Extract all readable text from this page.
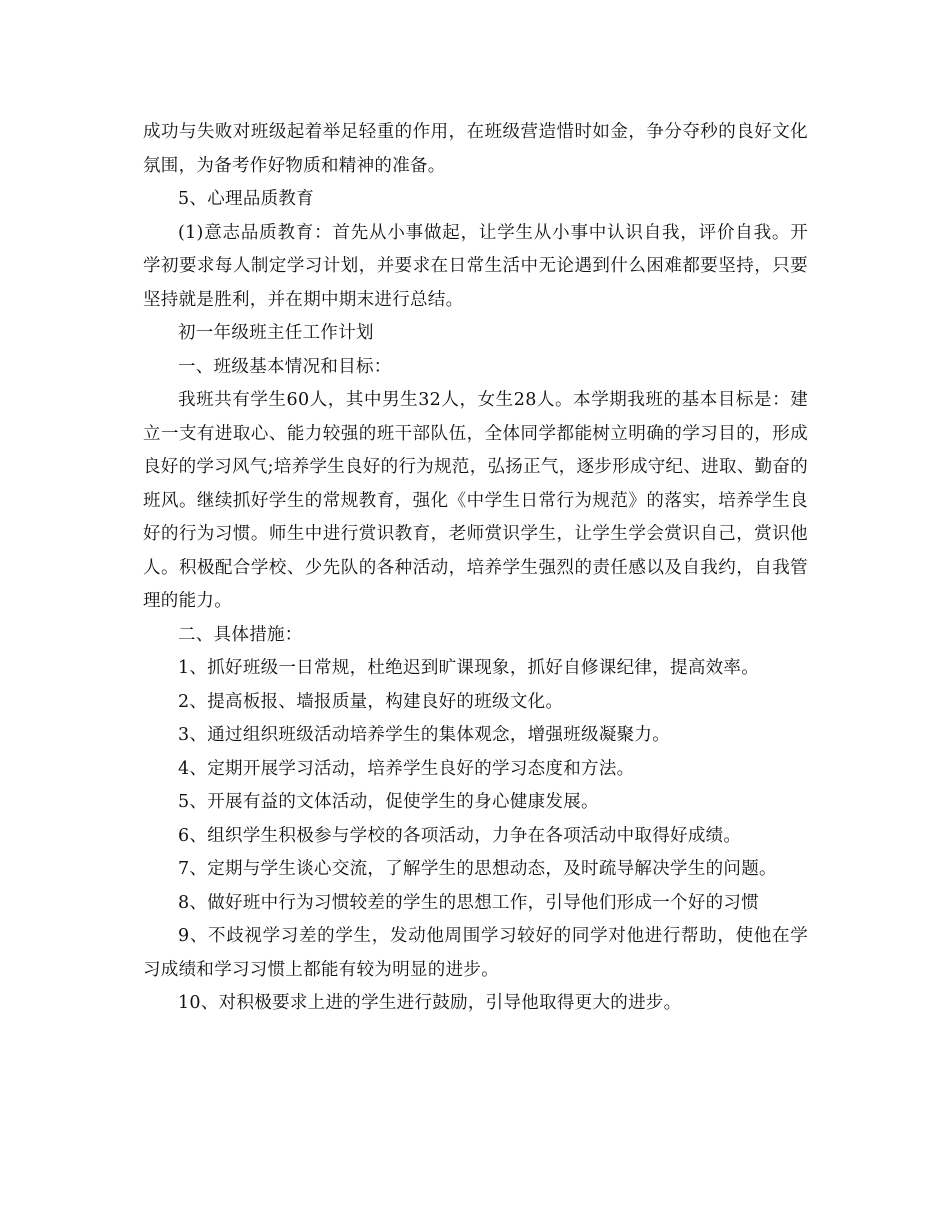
成功与失败对班级起着举足轻重的作用，在班级营造惜时如金，争分夺秒的良好文化氛围，为备考作好物质和精神的准备。

5、心理品质教育

(1)意志品质教育：首先从小事做起，让学生从小事中认识自我，评价自我。开学初要求每人制定学习计划，并要求在日常生活中无论遇到什么困难都要坚持，只要坚持就是胜利，并在期中期末进行总结。

初一年级班主任工作计划

一、班级基本情况和目标：

我班共有学生60人，其中男生32人，女生28人。本学期我班的基本目标是：建立一支有进取心、能力较强的班干部队伍，全体同学都能树立明确的学习目的，形成良好的学习风气;培养学生良好的行为规范，弘扬正气，逐步形成守纪、进取、勤奋的班风。继续抓好学生的常规教育，强化《中学生日常行为规范》的落实，培养学生良好的行为习惯。师生中进行赏识教育，老师赏识学生，让学生学会赏识自己，赏识他人。积极配合学校、少先队的各种活动，培养学生强烈的责任感以及自我约，自我管理的能力。

二、具体措施：

1、抓好班级一日常规，杜绝迟到旷课现象，抓好自修课纪律，提高效率。

2、提高板报、墙报质量，构建良好的班级文化。

3、通过组织班级活动培养学生的集体观念，增强班级凝聚力。

4、定期开展学习活动，培养学生良好的学习态度和方法。

5、开展有益的文体活动，促使学生的身心健康发展。

6、组织学生积极参与学校的各项活动，力争在各项活动中取得好成绩。

7、定期与学生谈心交流，了解学生的思想动态，及时疏导解决学生的问题。

8、做好班中行为习惯较差的学生的思想工作，引导他们形成一个好的习惯

9、不歧视学习差的学生，发动他周围学习较好的同学对他进行帮助，使他在学习成绩和学习习惯上都能有较为明显的进步。

10、对积极要求上进的学生进行鼓励，引导他取得更大的进步。
